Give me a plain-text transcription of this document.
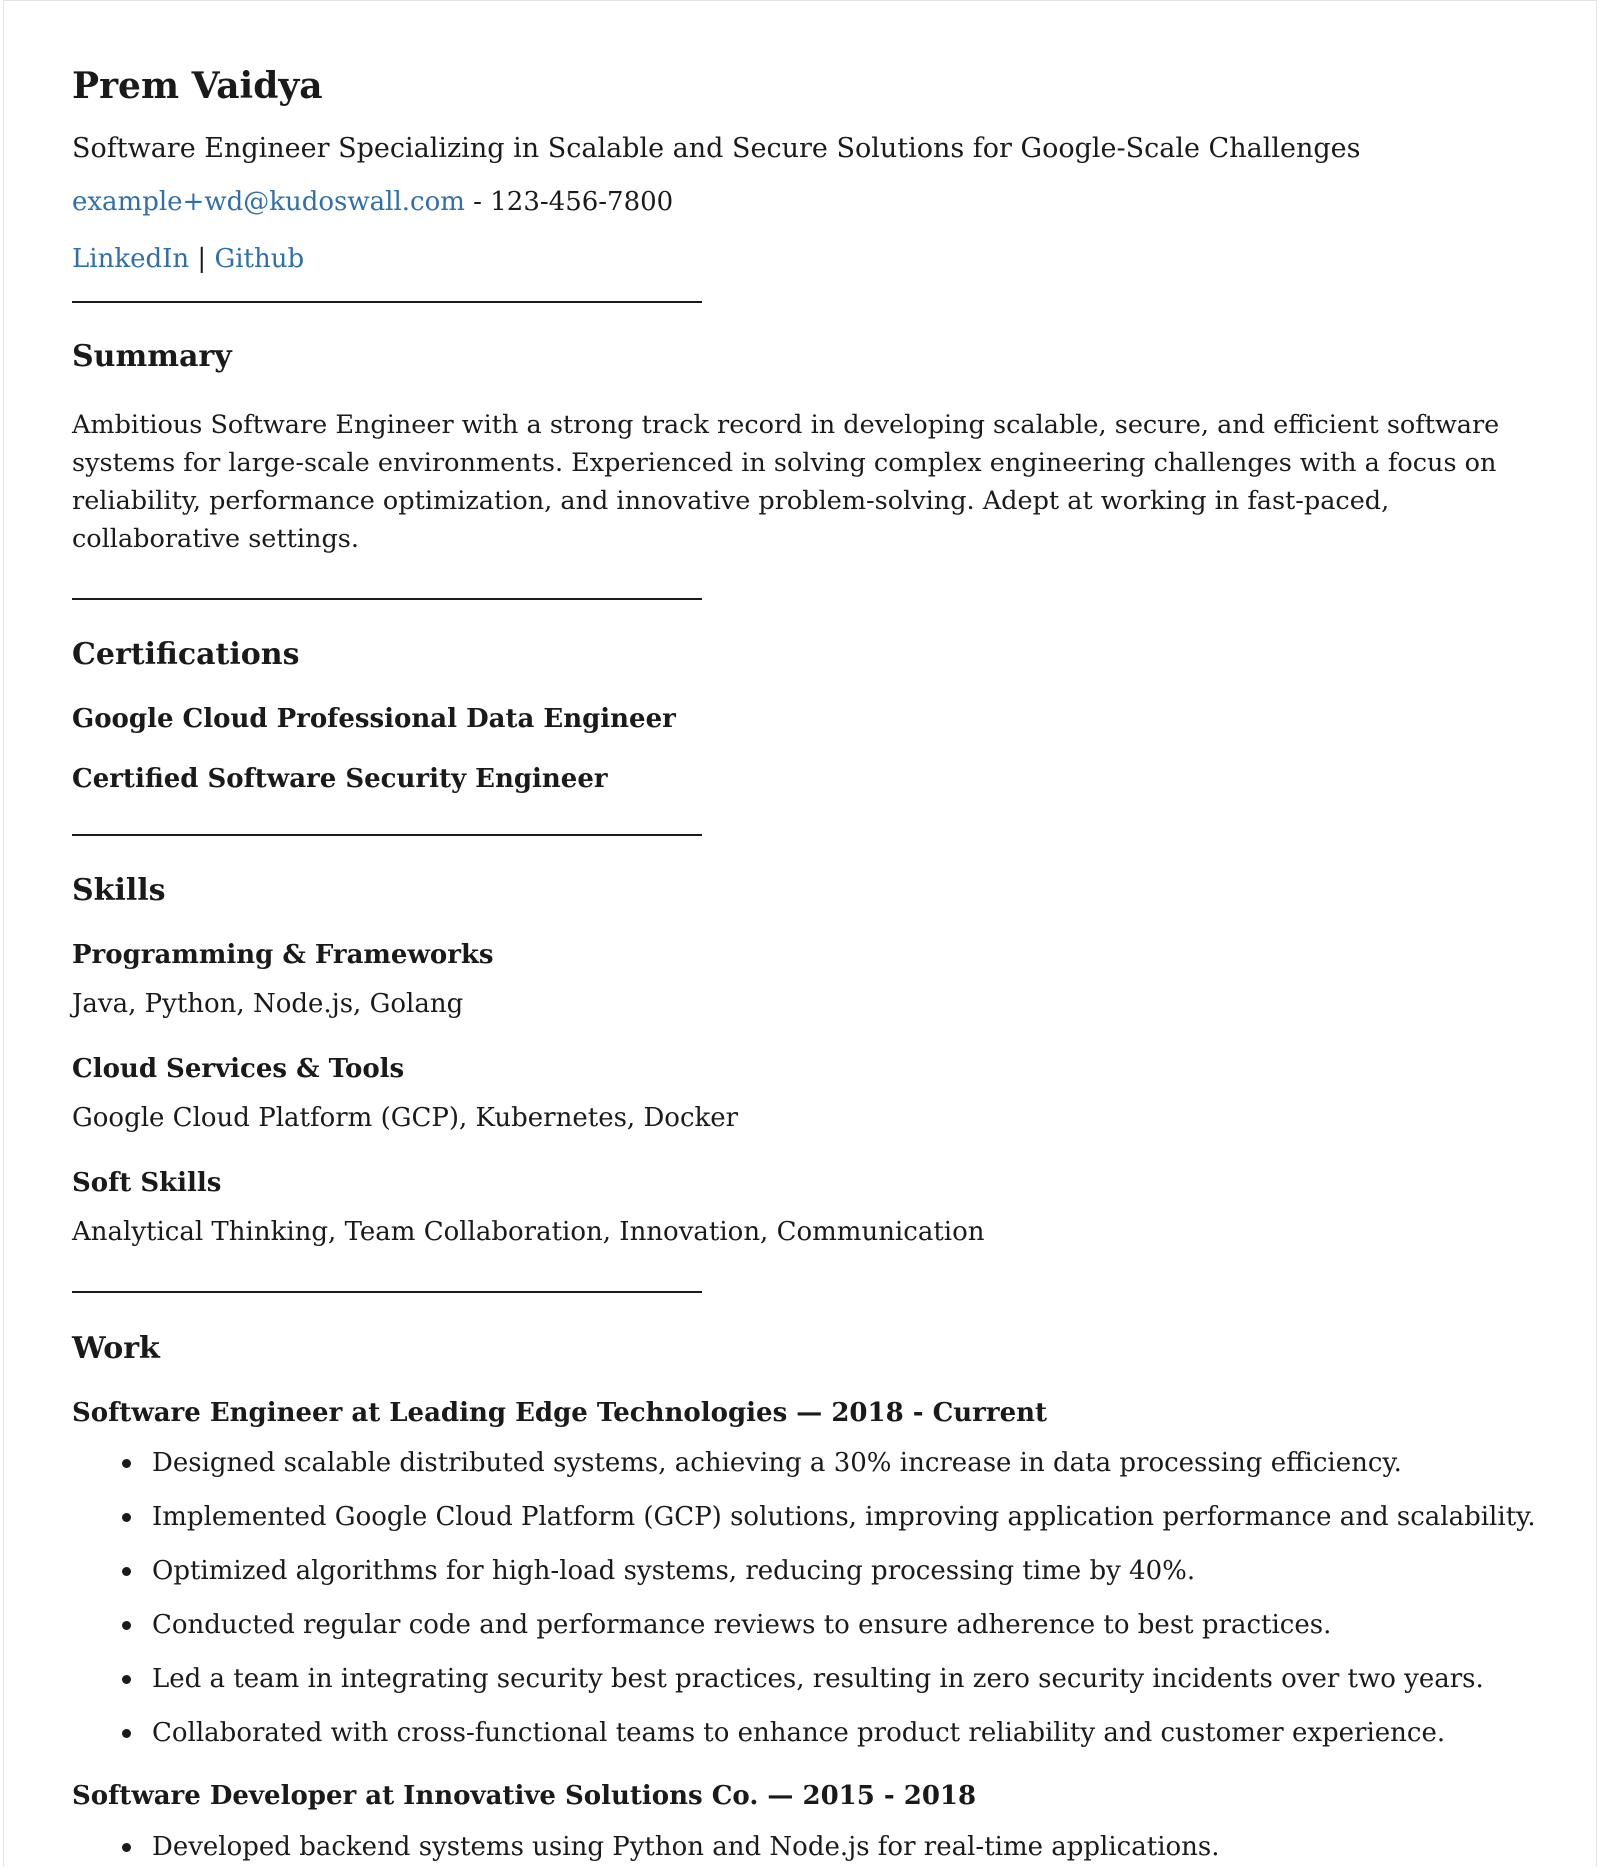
Prem Vaidya
Software Engineer Specializing in Scalable and Secure Solutions for Google-Scale Challenges
example+wd@kudoswall.com - 123-456-7800
LinkedIn | Github
Summary

Ambitious Software Engineer with a strong track record in developing scalable, secure, and efficient software systems for large-scale environments. Experienced in solving complex engineering challenges with a focus on reliability, performance optimization, and innovative problem-solving. Adept at working in fast-paced, collaborative settings.

Certifications
Google Cloud Professional Data Engineer
Certified Software Security Engineer
Skills
Programming & Frameworks
Java, Python, Node.js, Golang
Cloud Services & Tools
Google Cloud Platform (GCP), Kubernetes, Docker
Soft Skills
Analytical Thinking, Team Collaboration, Innovation, Communication
Work
Software Engineer at Leading Edge Technologies — 2018 - Current
Designed scalable distributed systems, achieving a 30% increase in data processing efficiency.
Implemented Google Cloud Platform (GCP) solutions, improving application performance and scalability.
Optimized algorithms for high-load systems, reducing processing time by 40%.
Conducted regular code and performance reviews to ensure adherence to best practices.
Led a team in integrating security best practices, resulting in zero security incidents over two years.
Collaborated with cross-functional teams to enhance product reliability and customer experience.
Software Developer at Innovative Solutions Co. — 2015 - 2018
Developed backend systems using Python and Node.js for real-time applications.
